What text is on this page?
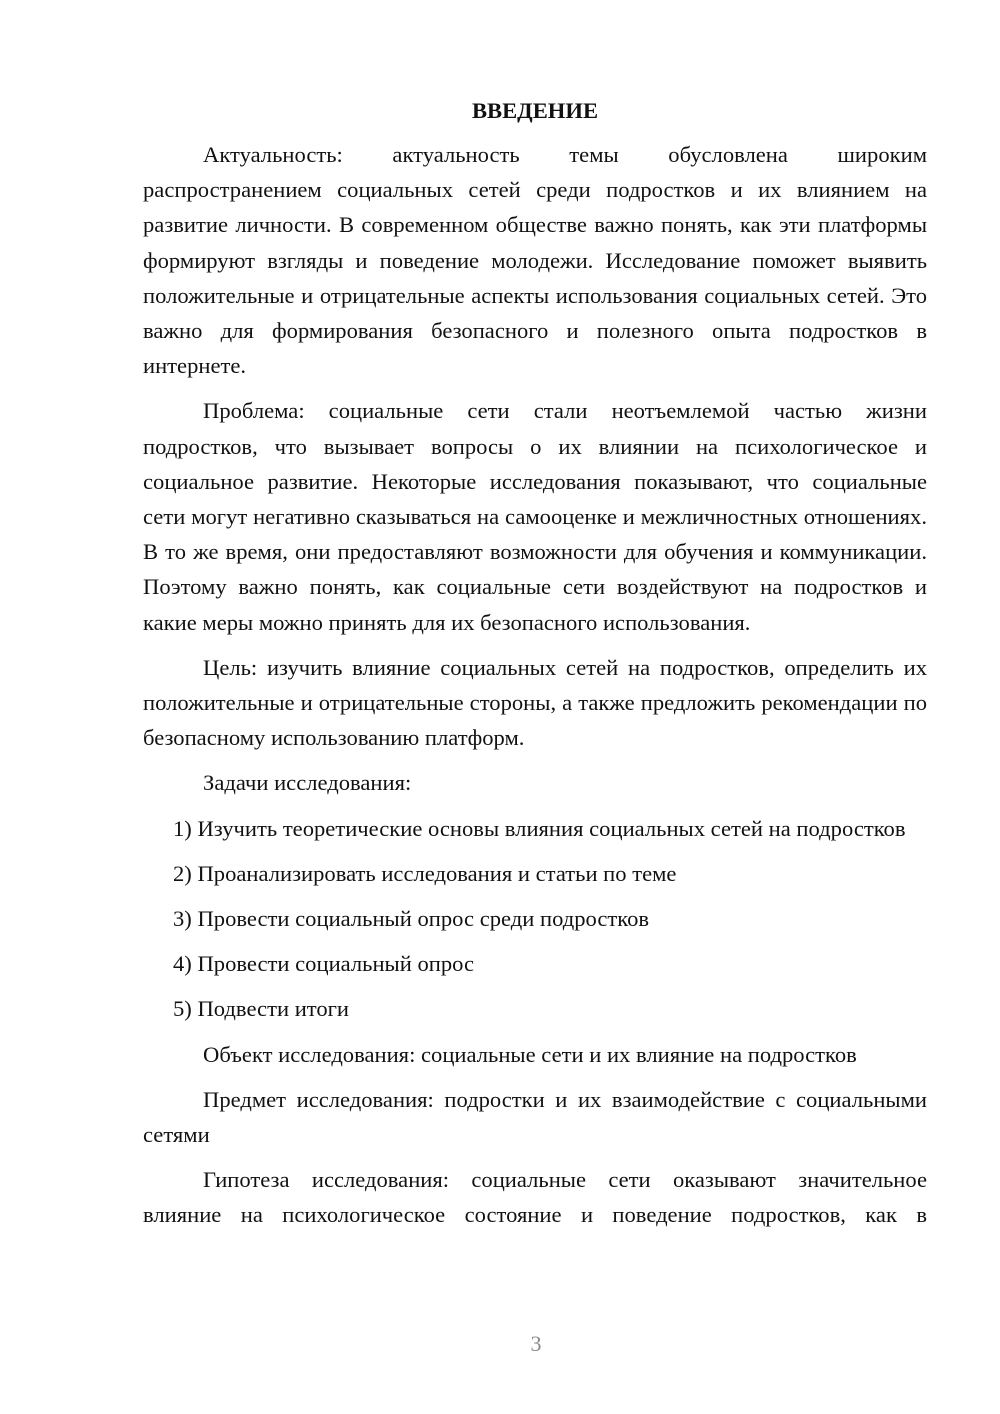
ВВЕДЕНИЕ

Актуальность: актуальность темы обусловлена широким распространением социальных сетей среди подростков и их влиянием на развитие личности. В современном обществе важно понять, как эти платформы формируют взгляды и поведение молодежи. Исследование поможет выявить положительные и отрицательные аспекты использования социальных сетей. Это важно для формирования безопасного и полезного опыта подростков в интернете.

Проблема: социальные сети стали неотъемлемой частью жизни подростков, что вызывает вопросы о их влиянии на психологическое и социальное развитие. Некоторые исследования показывают, что социальные сети могут негативно сказываться на самооценке и межличностных отношениях. В то же время, они предоставляют возможности для обучения и коммуникации. Поэтому важно понять, как социальные сети воздействуют на подростков и какие меры можно принять для их безопасного использования.

Цель: изучить влияние социальных сетей на подростков, определить их положительные и отрицательные стороны, а также предложить рекомендации по безопасному использованию платформ.

Задачи исследования:

1) Изучить теоретические основы влияния социальных сетей на подростков

2) Проанализировать исследования и статьи по теме

3) Провести социальный опрос среди подростков

4) Провести социальный опрос

5) Подвести итоги

Объект исследования: социальные сети и их влияние на подростков

Предмет исследования: подростки и их взаимодействие с социальными сетями

Гипотеза исследования: социальные сети оказывают значительное влияние на психологическое состояние и поведение подростков, как в

3
